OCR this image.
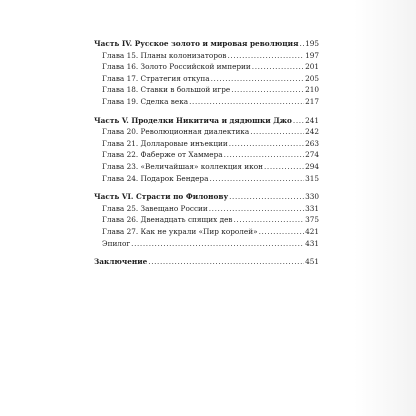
Часть IV. Русское золото и мировая революция ..... 195
Глава 15. Планы колонизаторов .....	197
Глава 16. Золото Российской империи .....	201
Глава 17. Стратегия откупа .....	205
Глава 18. Ставки в большой игре .....	210
Глава 19. Сделка века .....	217
Часть V. Проделки Никитича и дядюшки Джо ..... 241
Глава 20. Революционная диалектика .....	242
Глава 21. Долларовые инъекции .....	263
Глава 22. Фаберже от Хаммера .....	274
Глава 23. «Величайшая» коллекция икон .....	294
Глава 24. Подарок Бендера .....	315
Часть VI. Страсти по Филонову .....	330
Глава 25. Завещано России .....	331
Глава 26. Двенадцать спящих дев .....	375
Глава 27. Как не украли «Пир королей» .....	421
Эпилог .....	431
Заключение .....	451
